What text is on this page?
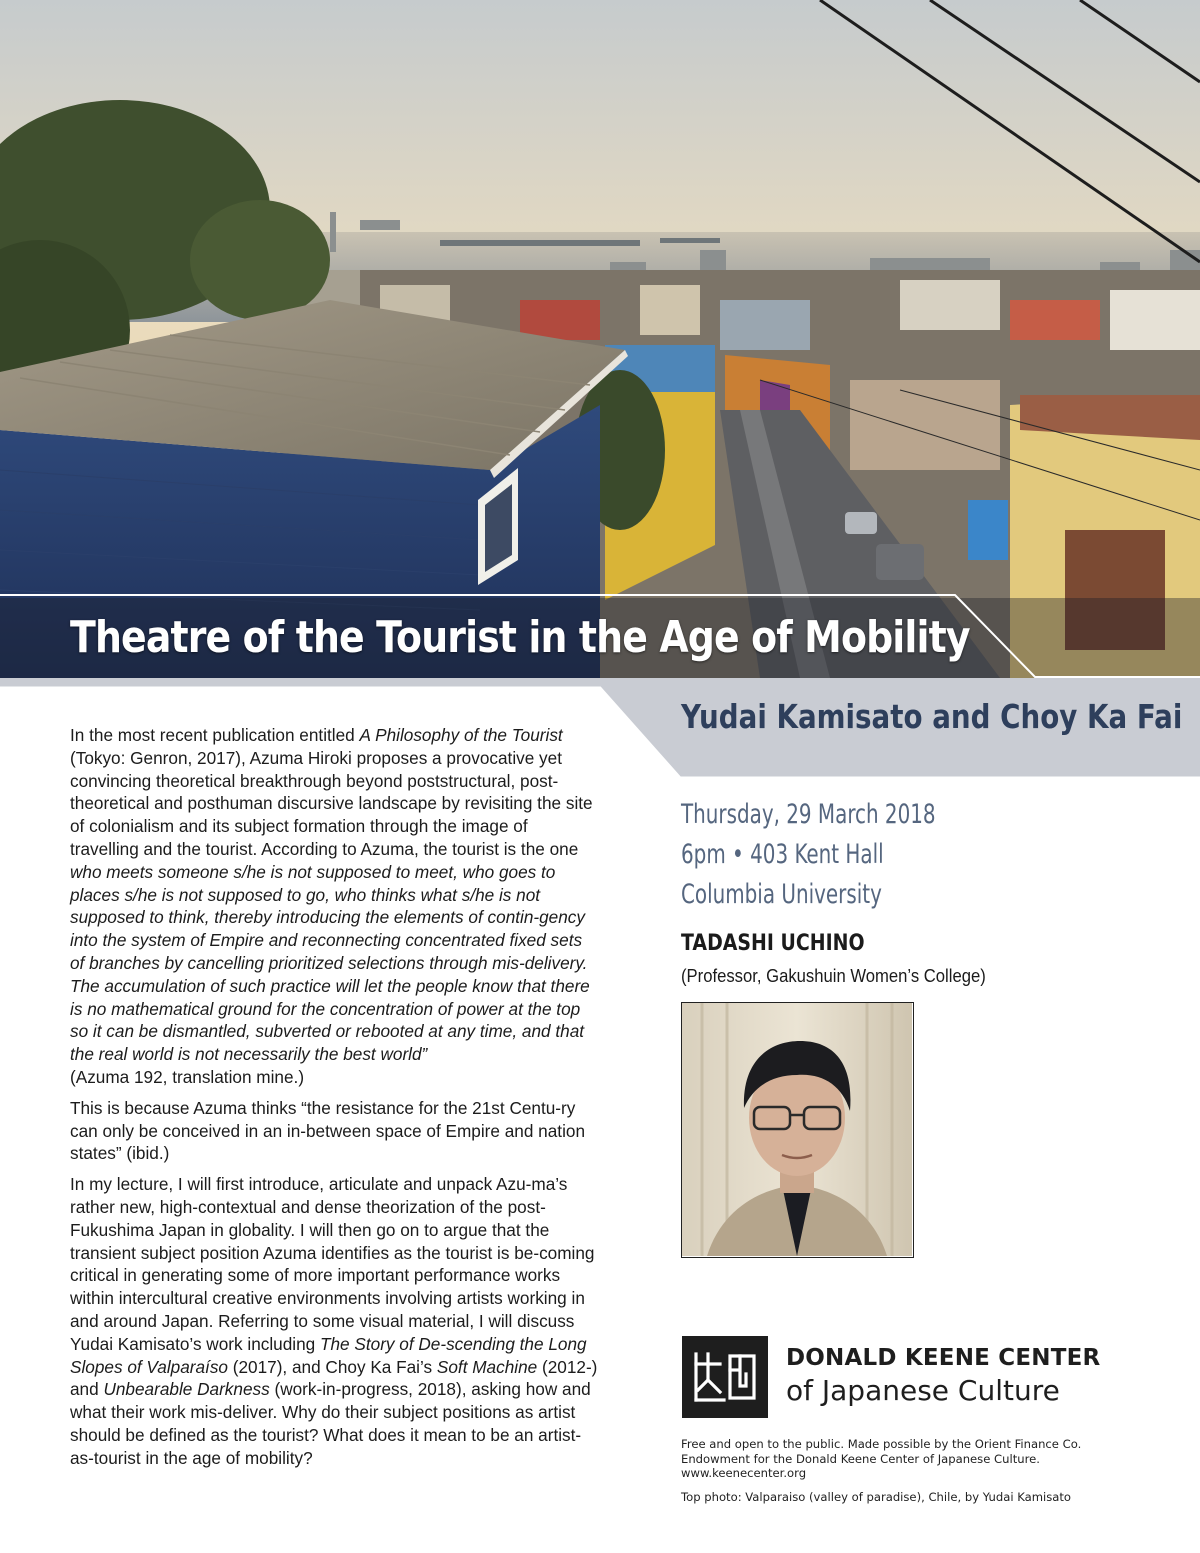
Theatre of the Tourist in the Age of Mobility
Yudai Kamisato and Choy Ka Fai

In the most recent publication entitled A Philosophy of the Tourist (Tokyo: Genron, 2017), Azuma Hiroki proposes a provocative yet convincing theoretical breakthrough beyond poststructural, post-theoretical and posthuman discursive landscape by revisiting the site of colonialism and its subject formation through the image of travelling and the tourist. According to Azuma, the tourist is the one
who meets someone s/he is not supposed to meet, who goes to places s/he is not supposed to go, who thinks what s/he is not supposed to think, thereby introducing the elements of contin-gency into the system of Empire and reconnecting concentrated fixed sets of branches by cancelling prioritized selections through mis-delivery. The accumulation of such practice will let the people know that there is no mathematical ground for the concentration of power at the top so it can be dismantled, subverted or rebooted at any time, and that the real world is not necessarily the best world”
(Azuma 192, translation mine.)

This is because Azuma thinks “the resistance for the 21st Centu-ry can only be conceived in an in-between space of Empire and nation states” (ibid.)

In my lecture, I will first introduce, articulate and unpack Azu-ma’s rather new, high-contextual and dense theorization of the post-Fukushima Japan in globality. I will then go on to argue that the transient subject position Azuma identifies as the tourist is be-coming critical in generating some of more important performance works within intercultural creative environments involving artists working in and around Japan. Referring to some visual material, I will discuss Yudai Kamisato’s work including The Story of De-scending the Long Slopes of Valparaíso (2017), and Choy Ka Fai’s Soft Machine (2012-) and Unbearable Darkness (work-in-progress, 2018), asking how and what their work mis-deliver. Why do their subject positions as artist should be defined as the tourist? What does it mean to be an artist-as-tourist in the age of mobility?

Thursday, 29 March 2018
6pm • 403 Kent Hall
Columbia University

TADASHI UCHINO

(Professor, Gakushuin Women’s College)

DONALD KEENE CENTER

of Japanese Culture

Free and open to the public. Made possible by the Orient Finance Co. Endowment for the Donald Keene Center of Japanese Culture.

www.keenecenter.org

Top photo: Valparaiso (valley of paradise), Chile, by Yudai Kamisato
